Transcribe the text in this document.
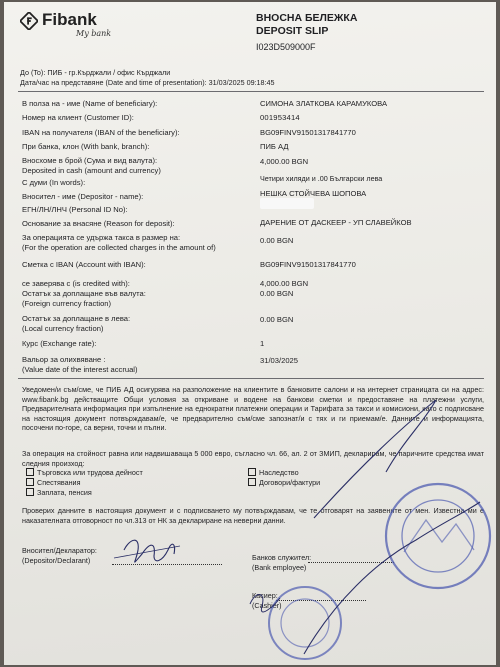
Fibank
My bank
ВНОСНА БЕЛЕЖКА
DEPOSIT SLIP
I023D509000F
До (To): ПИБ - гр.Кърджали / офис Кърджали
Дата/час на представяне (Date and time of presentation): 31/03/2025 09:18:45
В полза на - име (Name of beneficiary):	СИМОНА ЗЛАТКОВА КАРАМУКОВА
Номер на клиент (Customer ID):	001953414
IBAN на получателя (IBAN of the beneficiary):	BG09FINV91501317841770
При банка, клон (With bank, branch):	ПИБ АД
Вносхоме в брой (Сума и вид валута):
Deposited in cash (amount and currency)
4,000.00 BGN
С думи (In words):	Четири хиляди и .00 Български лева
Вносител - име (Depositor - name):	НЕШКА СТОЙЧЕВА ШОПОВА
ЕГН/ЛН/ЛНЧ (Personal ID No):
Основание за внасяне (Reason for deposit):	ДАРЕНИЕ ОТ ДАСКЕЕР - УП СЛАВЕЙКОВ
За операцията се удържа такса в размер на:
(For the operation are collected charges in the amount of)
0.00 BGN
Сметка с IBAN (Account with IBAN):	BG09FINV91501317841770
се заверява с (is credited with):	4,000.00 BGN
Остатък за доплащане във валута:
(Foreign currency fraction)
0.00 BGN
Остатък за доплащане в лева:
(Local currency fraction)
0.00 BGN
Курс (Exchange rate):	1
Вальор за олихвяване :
(Value date of the interest accrual)
31/03/2025
Уведомен/и съм/сме, че ПИБ АД осигурява на разположение на клиентите в банковите салони и на интернет страницата си на адрес: www.fibank.bg действащите Общи условия за откриване и водене на банкови сметки и предоставяне на платежни услуги, Предварителната информация при изпълнение на еднократни платежни операции и Тарифата за такси и комисиони, като с подписване на настоящия документ потвърждавам/е, че предварително съм/сме запознат/и с тях и ги приемам/е. Данните и информацията, посочени по-горе, са верни, точни и пълни.
За операция на стойност равна или надвишаваща 5 000 евро, съгласно чл. 66, ал. 2 от ЗМИП, декларирам, че паричните средства имат следния произход:
Търговска или трудова дейност
Спестявания
Заплата, пенсия
Наследство
Договори/фактури
Проверих данните в настоящия документ и с подписването му потвърждавам, че те отговарят на заявените от мен. Известна ми е наказателната отговорност по чл.313 от НК за деклариране на неверни данни.
Вносител/Декларатор:
(Depositor/Declarant)	Банков служител:
(Bank employee)
Касиер:
(Cashier)
